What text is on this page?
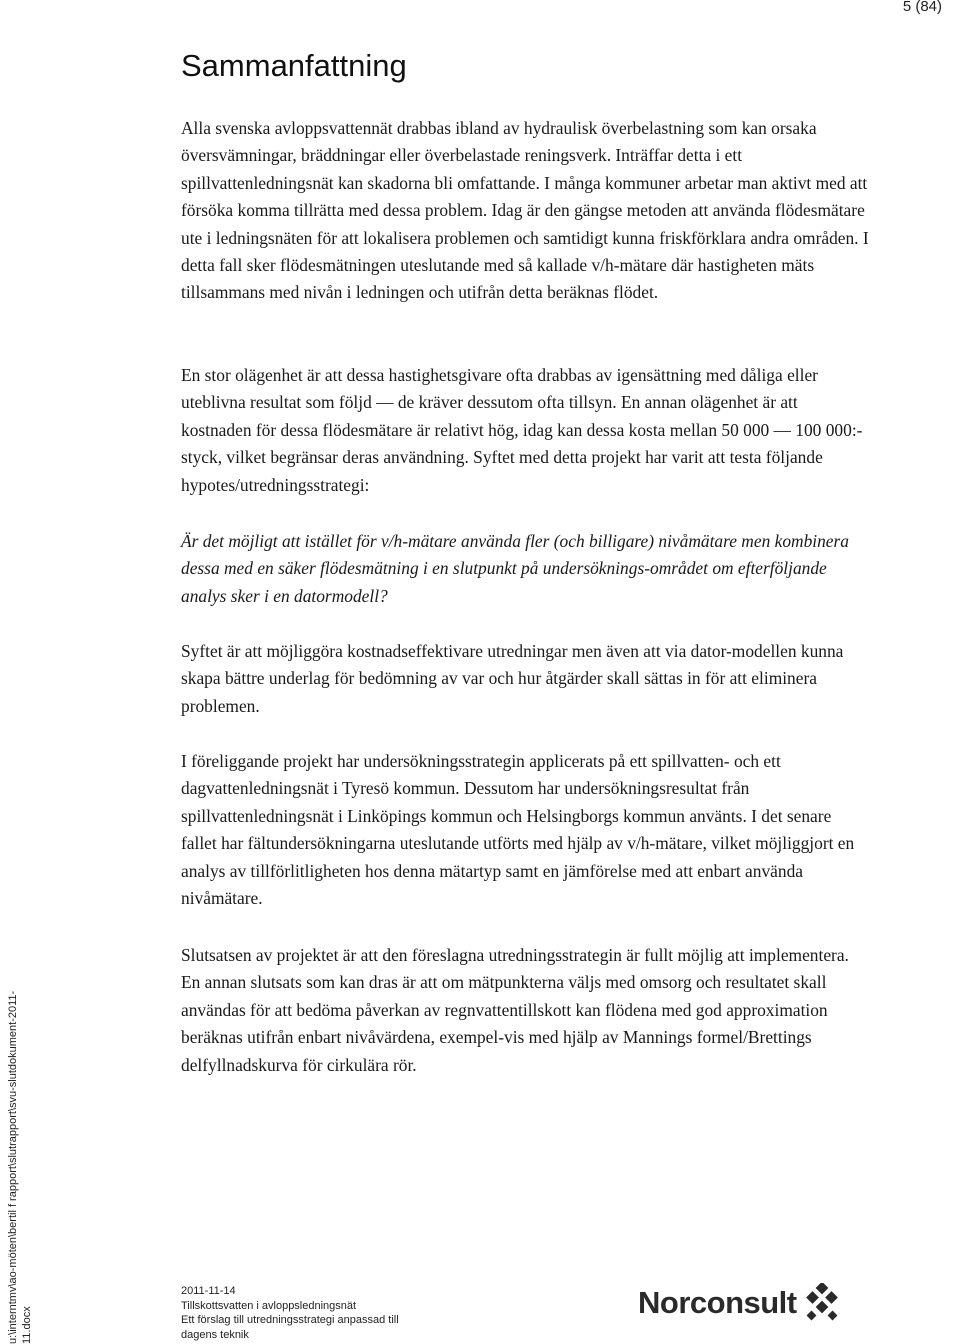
5 (84)
Sammanfattning

Alla svenska avloppsvattennät drabbas ibland av hydraulisk överbelastning som kan orsaka översvämningar, bräddningar eller överbelastade reningsverk. Inträffar detta i ett spillvattenledningsnät kan skadorna bli omfattande. I många kommuner arbetar man aktivt med att försöka komma tillrätta med dessa problem. Idag är den gängse metoden att använda flödesmätare ute i ledningsnäten för att lokalisera problemen och samtidigt kunna friskförklara andra områden. I detta fall sker flödesmätningen uteslutande med så kallade v/h-mätare där hastigheten mäts tillsammans med nivån i ledningen och utifrån detta beräknas flödet.

En stor olägenhet är att dessa hastighetsgivare ofta drabbas av igensättning med dåliga eller uteblivna resultat som följd — de kräver dessutom ofta tillsyn. En annan olägenhet är att kostnaden för dessa flödesmätare är relativt hög, idag kan dessa kosta mellan 50 000 — 100 000:- styck, vilket begränsar deras användning. Syftet med detta projekt har varit att testa följande hypotes/utredningsstrategi:

Är det möjligt att istället för v/h-mätare använda fler (och billigare) nivåmätare men kombinera dessa med en säker flödesmätning i en slutpunkt på undersöknings-området om efterföljande analys sker i en datormodell?

Syftet är att möjliggöra kostnadseffektivare utredningar men även att via dator-modellen kunna skapa bättre underlag för bedömning av var och hur åtgärder skall sättas in för att eliminera problemen.

I föreliggande projekt har undersökningsstrategin applicerats på ett spillvatten- och ett dagvattenledningsnät i Tyresö kommun. Dessutom har undersökningsresultat från spillvattenledningsnät i Linköpings kommun och Helsingborgs kommun använts. I det senare fallet har fältundersökningarna uteslutande utförts med hjälp av v/h-mätare, vilket möjliggjort en analys av tillförlitligheten hos denna mätartyp samt en jämförelse med att enbart använda nivåmätare.

Slutsatsen av projektet är att den föreslagna utredningsstrategin är fullt möjlig att implementera. En annan slutsats som kan dras är att om mätpunkterna väljs med omsorg och resultatet skall användas för att bedöma påverkan av regnvattentillskott kan flödena med god approximation beräknas utifrån enbart nivåvärdena, exempel-vis med hjälp av Mannings formel/Brettings delfyllnadskurva för cirkulära rör.

2011-11-14
Tillskottsvatten i avloppsledningsnät
Ett förslag till utredningsstrategi anpassad till
dagens teknik
Norconsult
u:\interntmv\ao-möten\bertil f rapport\slutrapport\svu-slutdokument-2011- 11.docx
